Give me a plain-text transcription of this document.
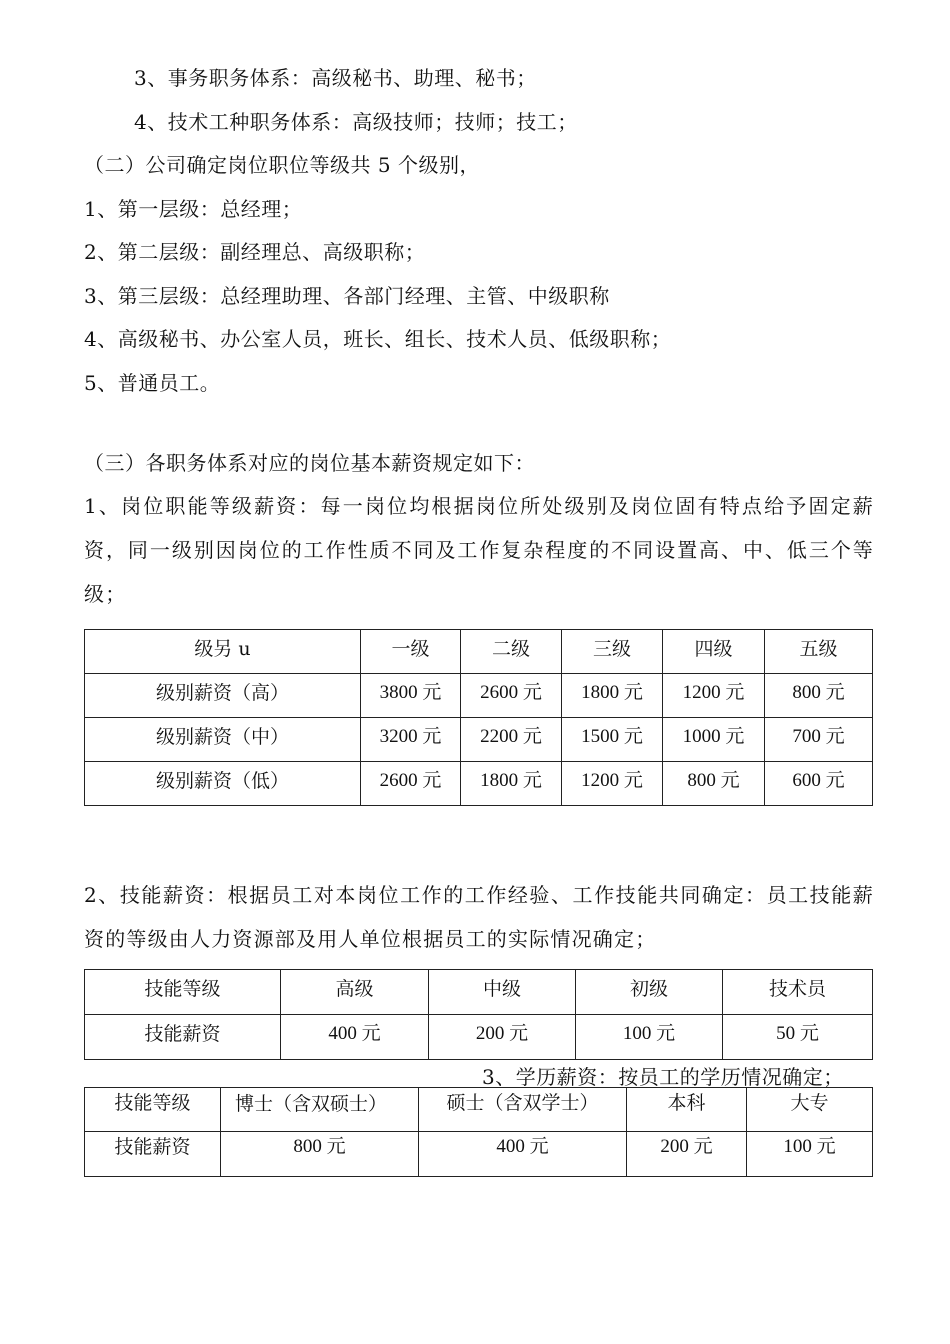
3、事务职务体系：高级秘书、助理、秘书；
4、技术工种职务体系：高级技师；技师；技工；
（二）公司确定岗位职位等级共 5 个级别，
1、第一层级：总经理；
2、第二层级：副经理总、高级职称；
3、第三层级：总经理助理、各部门经理、主管、中级职称
4、高级秘书、办公室人员，班长、组长、技术人员、低级职称；
5、普通员工。
（三）各职务体系对应的岗位基本薪资规定如下：
1、岗位职能等级薪资：每一岗位均根据岗位所处级别及岗位固有特点给予固定薪资，同一级别因岗位的工作性质不同及工作复杂程度的不同设置高、中、低三个等级；
级另 u	一级	二级	三级	四级	五级
级别薪资（高）	3800 元	2600 元	1800 元	1200 元	800 元
级别薪资（中）	3200 元	2200 元	1500 元	1000 元	700 元
级别薪资（低）	2600 元	1800 元	1200 元	800 元	600 元
2、技能薪资：根据员工对本岗位工作的工作经验、工作技能共同确定：员工技能薪资的等级由人力资源部及用人单位根据员工的实际情况确定；
技能等级	高级	中级	初级	技术员
技能薪资	400 元	200 元	100 元	50 元
3、学历薪资：按员工的学历情况确定；
技能等级	博士（含双硕士）	硕士（含双学士）	本科	大专
技能薪资	800 元	400 元	200 元	100 元
